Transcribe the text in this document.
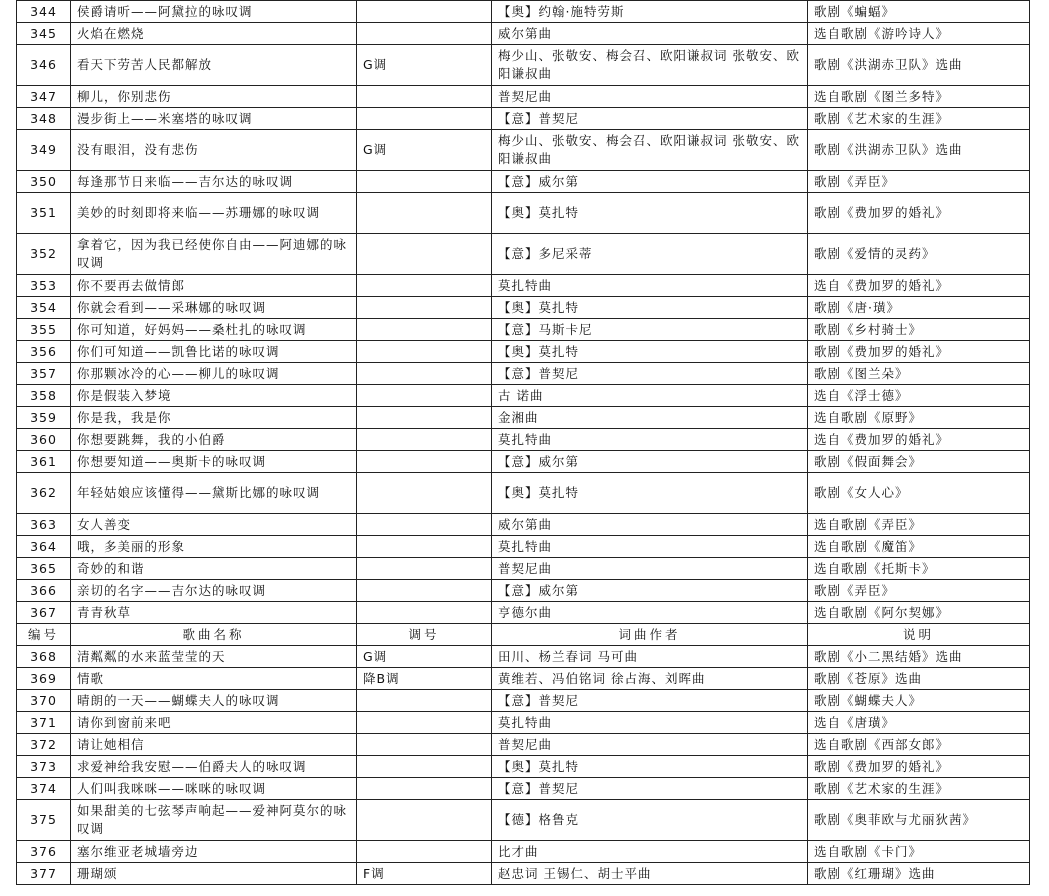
344	侯爵请听——阿黛拉的咏叹调		【奥】约翰·施特劳斯	歌剧《蝙蝠》
345	火焰在燃烧		威尔第曲	选自歌剧《游吟诗人》
346	看天下劳苦人民都解放	G调	梅少山、张敬安、梅会召、欧阳谦叔词 张敬安、欧阳谦叔曲	歌剧《洪湖赤卫队》选曲
347	柳儿，你别悲伤		普契尼曲	选自歌剧《图兰多特》
348	漫步街上——米塞塔的咏叹调		【意】普契尼	歌剧《艺术家的生涯》
349	没有眼泪，没有悲伤	G调	梅少山、张敬安、梅会召、欧阳谦叔词 张敬安、欧阳谦叔曲	歌剧《洪湖赤卫队》选曲
350	每逢那节日来临——吉尔达的咏叹调		【意】威尔第	歌剧《弄臣》
351	美妙的时刻即将来临——苏珊娜的咏叹调		【奥】莫扎特	歌剧《费加罗的婚礼》
352	拿着它，因为我已经使你自由——阿迪娜的咏叹调		【意】多尼采蒂	歌剧《爱情的灵药》
353	你不要再去做情郎		莫扎特曲	选自《费加罗的婚礼》
354	你就会看到——采琳娜的咏叹调		【奥】莫扎特	歌剧《唐·璜》
355	你可知道，好妈妈——桑杜扎的咏叹调		【意】马斯卡尼	歌剧《乡村骑士》
356	你们可知道——凯鲁比诺的咏叹调		【奥】莫扎特	歌剧《费加罗的婚礼》
357	你那颗冰冷的心——柳儿的咏叹调		【意】普契尼	歌剧《图兰朵》
358	你是假装入梦境		古 诺曲	选自《浮士德》
359	你是我，我是你		金湘曲	选自歌剧《原野》
360	你想要跳舞，我的小伯爵		莫扎特曲	选自《费加罗的婚礼》
361	你想要知道——奥斯卡的咏叹调		【意】威尔第	歌剧《假面舞会》
362	年轻姑娘应该懂得——黛斯比娜的咏叹调		【奥】莫扎特	歌剧《女人心》
363	女人善变		威尔第曲	选自歌剧《弄臣》
364	哦，多美丽的形象		莫扎特曲	选自歌剧《魔笛》
365	奇妙的和谐		普契尼曲	选自歌剧《托斯卡》
366	亲切的名字——吉尔达的咏叹调		【意】威尔第	歌剧《弄臣》
367	青青秋草		亨德尔曲	选自歌剧《阿尔契娜》
编号	歌曲名称	调号	词曲作者	说明
368	清粼粼的水来蓝莹莹的天	G调	田川、杨兰春词 马可曲	歌剧《小二黑结婚》选曲
369	情歌	降B调	黄维若、冯伯铭词 徐占海、刘晖曲	歌剧《苍原》选曲
370	晴朗的一天——蝴蝶夫人的咏叹调		【意】普契尼	歌剧《蝴蝶夫人》
371	请你到窗前来吧		莫扎特曲	选自《唐璜》
372	请让她相信		普契尼曲	选自歌剧《西部女郎》
373	求爱神给我安慰——伯爵夫人的咏叹调		【奥】莫扎特	歌剧《费加罗的婚礼》
374	人们叫我咪咪——咪咪的咏叹调		【意】普契尼	歌剧《艺术家的生涯》
375	如果甜美的七弦琴声响起——爱神阿莫尔的咏叹调		【德】格鲁克	歌剧《奥菲欧与尤丽狄茜》
376	塞尔维亚老城墙旁边		比才曲	选自歌剧《卡门》
377	珊瑚颂	F调	赵忠词 王锡仁、胡士平曲	歌剧《红珊瑚》选曲
